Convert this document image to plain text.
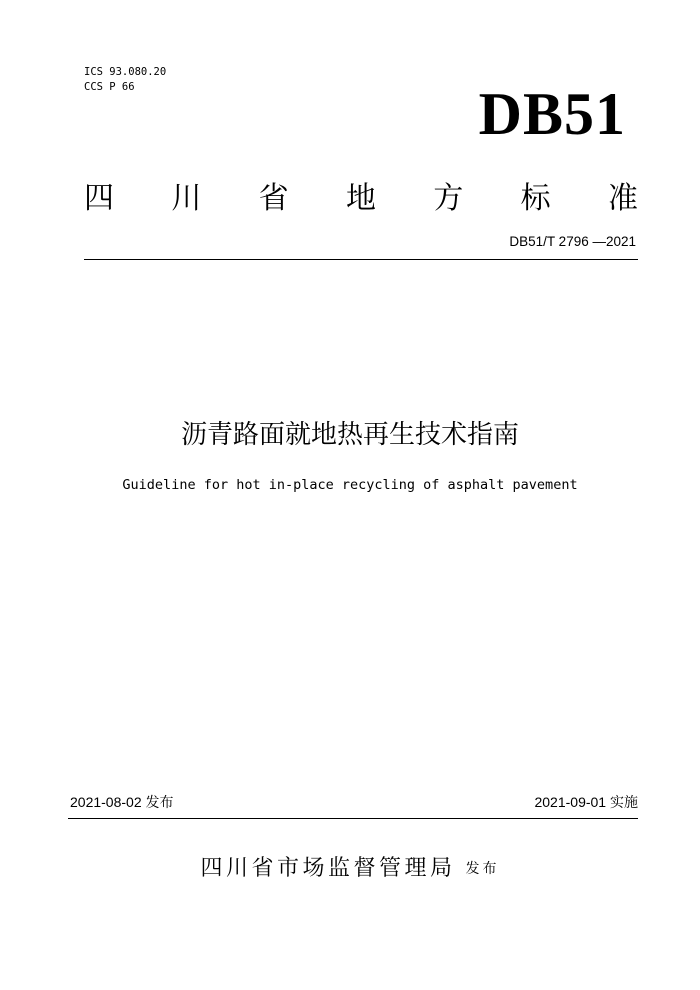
ICS 93.080.20
CCS P 66	DB51
四 川 省 地 方 标 准
DB51/T 2796 —2021
沥青路面就地热再生技术指南
Guideline for hot in-place recycling of asphalt pavement
2021-08-02 发布	2021-09-01 实施
四川省市场监督管理局 发布
